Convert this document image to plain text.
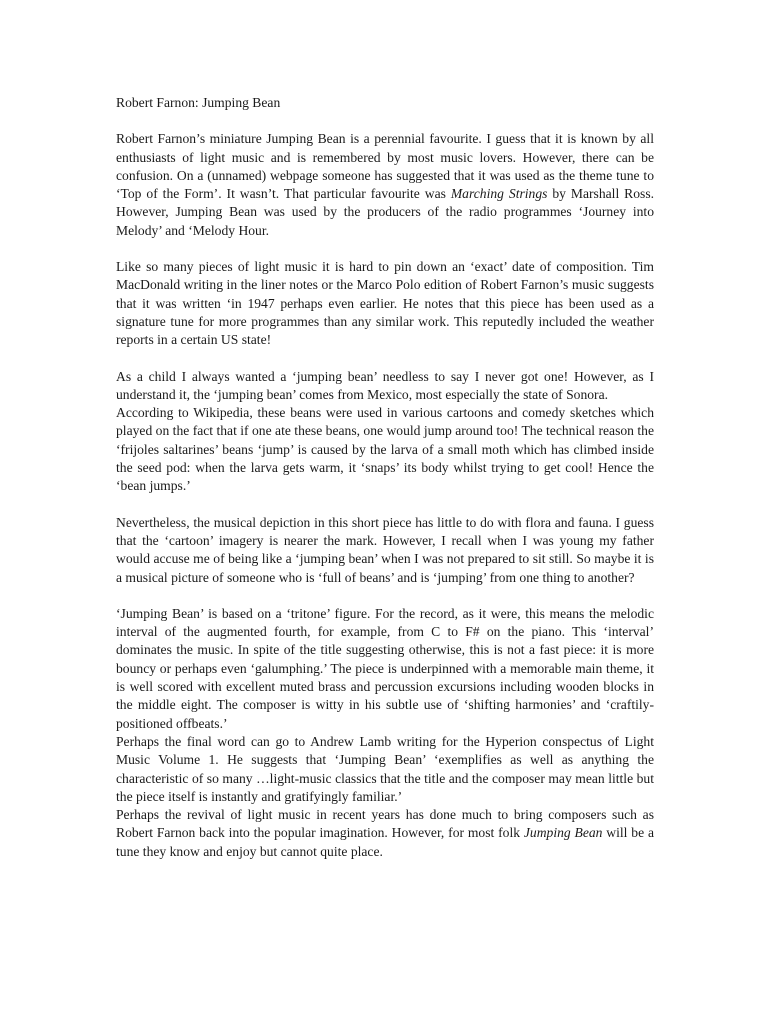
Robert Farnon: Jumping Bean

Robert Farnon’s miniature Jumping Bean is a perennial favourite. I guess that it is known by all enthusiasts of light music and is remembered by most music lovers. However, there can be confusion. On a (unnamed) webpage someone has suggested that it was used as the theme tune to ‘Top of the Form’. It wasn’t. That particular favourite was Marching Strings by Marshall Ross. However, Jumping Bean was used by the producers of the radio programmes ‘Journey into Melody’ and ‘Melody Hour.

Like so many pieces of light music it is hard to pin down an ‘exact’ date of composition. Tim MacDonald writing in the liner notes or the Marco Polo edition of Robert Farnon’s music suggests that it was written ‘in 1947 perhaps even earlier. He notes that this piece has been used as a signature tune for more programmes than any similar work. This reputedly included the weather reports in a certain US state!

As a child I always wanted a ‘jumping bean’ needless to say I never got one! However, as I understand it, the ‘jumping bean’ comes from Mexico, most especially the state of Sonora.

According to Wikipedia, these beans were used in various cartoons and comedy sketches which played on the fact that if one ate these beans, one would jump around too! The technical reason the ‘frijoles saltarines’ beans ‘jump’ is caused by the larva of a small moth which has climbed inside the seed pod: when the larva gets warm, it ‘snaps’ its body whilst trying to get cool! Hence the ‘bean jumps.’

Nevertheless, the musical depiction in this short piece has little to do with flora and fauna. I guess that the ‘cartoon’ imagery is nearer the mark. However, I recall when I was young my father would accuse me of being like a ‘jumping bean’ when I was not prepared to sit still. So maybe it is a musical picture of someone who is ‘full of beans’ and is ‘jumping’ from one thing to another?

‘Jumping Bean’ is based on a ‘tritone’ figure. For the record, as it were, this means the melodic interval of the augmented fourth, for example, from C to F# on the piano. This ‘interval’ dominates the music. In spite of the title suggesting otherwise, this is not a fast piece: it is more bouncy or perhaps even ‘galumphing.’ The piece is underpinned with a memorable main theme, it is well scored with excellent muted brass and percussion excursions including wooden blocks in the middle eight. The composer is witty in his subtle use of ‘shifting harmonies’ and ‘craftily-positioned offbeats.’

Perhaps the final word can go to Andrew Lamb writing for the Hyperion conspectus of Light Music Volume 1. He suggests that ‘Jumping Bean’ ‘exemplifies as well as anything the characteristic of so many …light-music classics that the title and the composer may mean little but the piece itself is instantly and gratifyingly familiar.’

Perhaps the revival of light music in recent years has done much to bring composers such as Robert Farnon back into the popular imagination. However, for most folk Jumping Bean will be a tune they know and enjoy but cannot quite place.
